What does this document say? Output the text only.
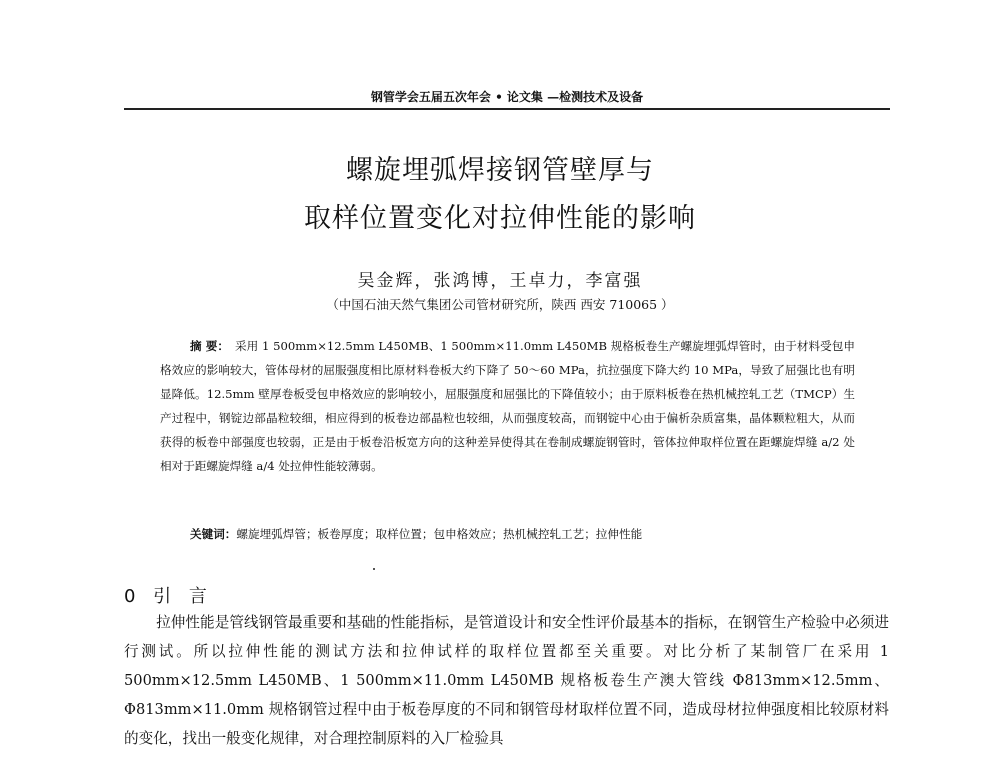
钢管学会五届五次年会 • 论文集 —检测技术及设备
螺旋埋弧焊接钢管壁厚与
取样位置变化对拉伸性能的影响
吴金辉，张鸿博，王卓力，李富强
（中国石油天然气集团公司管材研究所，陕西 西安 710065 ）
摘 要： 采用 1 500mm×12.5mm L450MB、1 500mm×11.0mm L450MB 规格板卷生产螺旋埋弧焊管时，由于材料受包申格效应的影响较大，管体母材的屈服强度相比原材料卷板大约下降了 50～60 MPa，抗拉强度下降大约 10 MPa，导致了屈强比也有明显降低。12.5mm 壁厚卷板受包申格效应的影响较小，屈服强度和屈强比的下降值较小；由于原料板卷在热机械控轧工艺（TMCP）生产过程中，钢锭边部晶粒较细，相应得到的板卷边部晶粒也较细，从而强度较高，而钢锭中心由于偏析杂质富集，晶体颗粒粗大，从而获得的板卷中部强度也较弱，正是由于板卷沿板宽方向的这种差异使得其在卷制成螺旋钢管时，管体拉伸取样位置在距螺旋焊缝 a/2 处相对于距螺旋焊缝 a/4 处拉伸性能较薄弱。
关键词：螺旋埋弧焊管；板卷厚度；取样位置；包申格效应；热机械控轧工艺；拉伸性能
0 引 言
拉伸性能是管线钢管最重要和基础的性能指标，是管道设计和安全性评价最基本的指标，在钢管生产检验中必须进行测试。所以拉伸性能的测试方法和拉伸试样的取样位置都至关重要。对比分析了某制管厂在采用 1 500mm×12.5mm L450MB、1 500mm×11.0mm L450MB 规格板卷生产澳大管线 Φ813mm×12.5mm、Φ813mm×11.0mm 规格钢管过程中由于板卷厚度的不同和钢管母材取样位置不同，造成母材拉伸强度相比较原材料的变化，找出一般变化规律，对合理控制原料的入厂检验具
